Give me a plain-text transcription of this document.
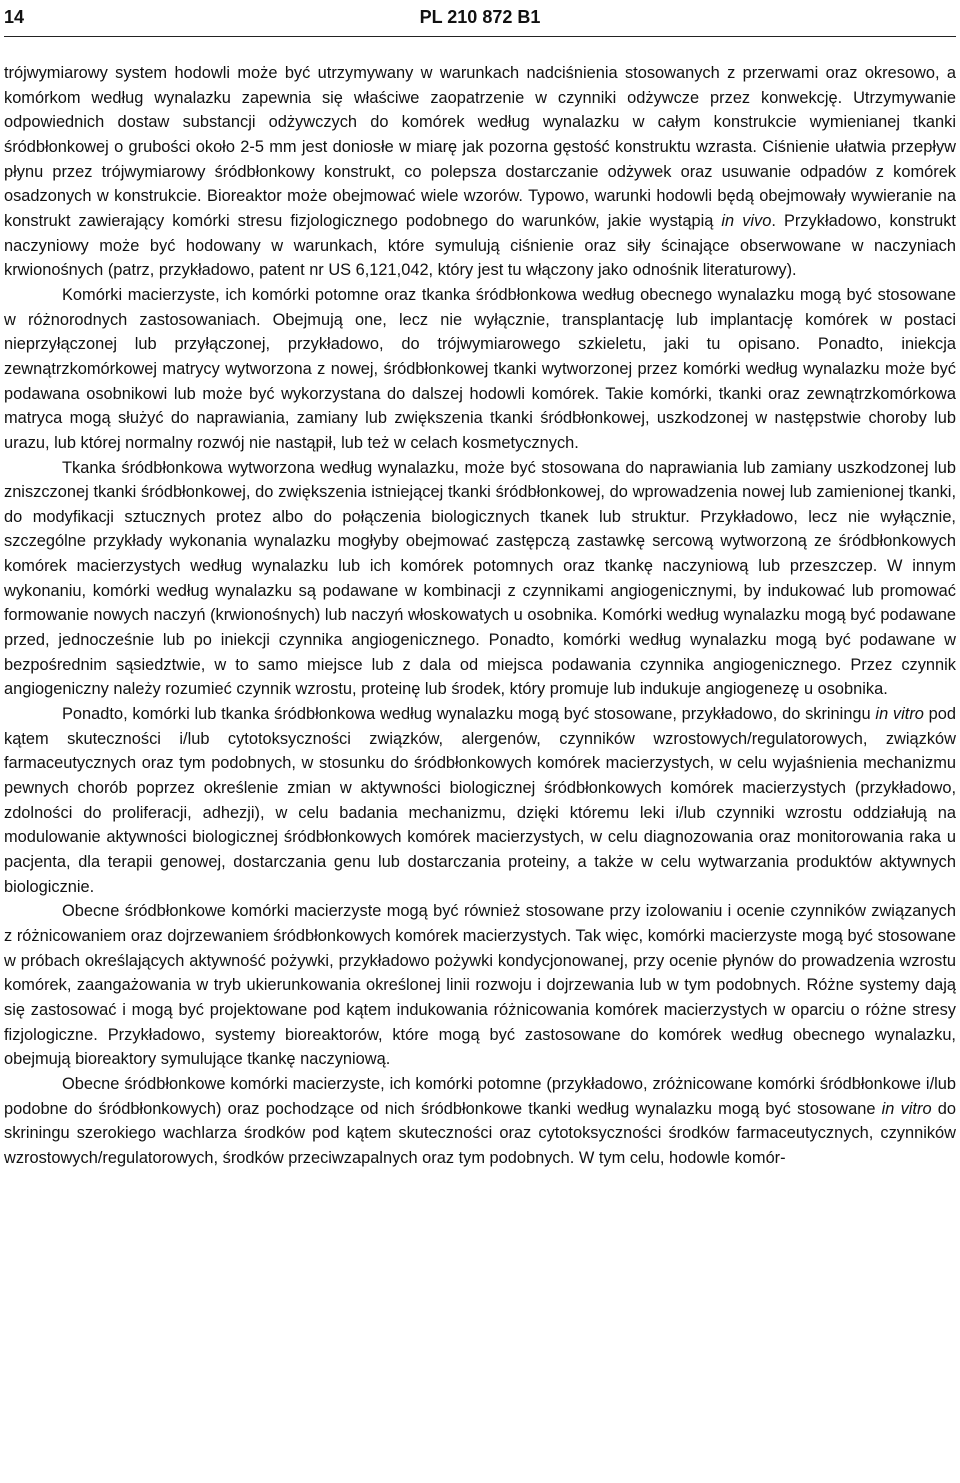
14	PL 210 872 B1

trójwymiarowy system hodowli może być utrzymywany w warunkach nadciśnienia stosowanych z przerwami oraz okresowo, a komórkom według wynalazku zapewnia się właściwe zaopatrzenie w czynniki odżywcze przez konwekcję. Utrzymywanie odpowiednich dostaw substancji odżywczych do komórek według wynalazku w całym konstrukcie wymienianej tkanki śródbłonkowej o grubości około 2-5 mm jest doniosłe w miarę jak pozorna gęstość konstruktu wzrasta. Ciśnienie ułatwia przepływ płynu przez trójwymiarowy śródbłonkowy konstrukt, co polepsza dostarczanie odżywek oraz usuwanie odpadów z komórek osadzonych w konstrukcie. Bioreaktor może obejmować wiele wzorów. Typowo, warunki hodowli będą obejmowały wywieranie na konstrukt zawierający komórki stresu fizjologicznego podobnego do warunków, jakie wystąpią in vivo. Przykładowo, konstrukt naczyniowy może być hodowany w warunkach, które symulują ciśnienie oraz siły ścinające obserwowane w naczyniach krwionośnych (patrz, przykładowo, patent nr US 6,121,042, który jest tu włączony jako odnośnik literaturowy).

Komórki macierzyste, ich komórki potomne oraz tkanka śródbłonkowa według obecnego wynalazku mogą być stosowane w różnorodnych zastosowaniach. Obejmują one, lecz nie wyłącznie, transplantację lub implantację komórek w postaci nieprzyłączonej lub przyłączonej, przykładowo, do trójwymiarowego szkieletu, jaki tu opisano. Ponadto, iniekcja zewnątrzkomórkowej matrycy wytworzona z nowej, śródbłonkowej tkanki wytworzonej przez komórki według wynalazku może być podawana osobnikowi lub może być wykorzystana do dalszej hodowli komórek. Takie komórki, tkanki oraz zewnątrzkomórkowa matryca mogą służyć do naprawiania, zamiany lub zwiększenia tkanki śródbłonkowej, uszkodzonej w następstwie choroby lub urazu, lub której normalny rozwój nie nastąpił, lub też w celach kosmetycznych.

Tkanka śródbłonkowa wytworzona według wynalazku, może być stosowana do naprawiania lub zamiany uszkodzonej lub zniszczonej tkanki śródbłonkowej, do zwiększenia istniejącej tkanki śródbłonkowej, do wprowadzenia nowej lub zamienionej tkanki, do modyfikacji sztucznych protez albo do połączenia biologicznych tkanek lub struktur. Przykładowo, lecz nie wyłącznie, szczególne przykłady wykonania wynalazku mogłyby obejmować zastępczą zastawkę sercową wytworzoną ze śródbłonkowych komórek macierzystych według wynalazku lub ich komórek potomnych oraz tkankę naczyniową lub przeszczep. W innym wykonaniu, komórki według wynalazku są podawane w kombinacji z czynnikami angiogenicznymi, by indukować lub promować formowanie nowych naczyń (krwionośnych) lub naczyń włoskowatych u osobnika. Komórki według wynalazku mogą być podawane przed, jednocześnie lub po iniekcji czynnika angiogenicznego. Ponadto, komórki według wynalazku mogą być podawane w bezpośrednim sąsiedztwie, w to samo miejsce lub z dala od miejsca podawania czynnika angiogenicznego. Przez czynnik angiogeniczny należy rozumieć czynnik wzrostu, proteinę lub środek, który promuje lub indukuje angiogenezę u osobnika.

Ponadto, komórki lub tkanka śródbłonkowa według wynalazku mogą być stosowane, przykładowo, do skriningu in vitro pod kątem skuteczności i/lub cytotoksyczności związków, alergenów, czynników wzrostowych/regulatorowych, związków farmaceutycznych oraz tym podobnych, w stosunku do śródbłonkowych komórek macierzystych, w celu wyjaśnienia mechanizmu pewnych chorób poprzez określenie zmian w aktywności biologicznej śródbłonkowych komórek macierzystych (przykładowo, zdolności do proliferacji, adhezji), w celu badania mechanizmu, dzięki któremu leki i/lub czynniki wzrostu oddziałują na modulowanie aktywności biologicznej śródbłonkowych komórek macierzystych, w celu diagnozowania oraz monitorowania raka u pacjenta, dla terapii genowej, dostarczania genu lub dostarczania proteiny, a także w celu wytwarzania produktów aktywnych biologicznie.

Obecne śródbłonkowe komórki macierzyste mogą być również stosowane przy izolowaniu i ocenie czynników związanych z różnicowaniem oraz dojrzewaniem śródbłonkowych komórek macierzystych. Tak więc, komórki macierzyste mogą być stosowane w próbach określających aktywność pożywki, przykładowo pożywki kondycjonowanej, przy ocenie płynów do prowadzenia wzrostu komórek, zaangażowania w tryb ukierunkowania określonej linii rozwoju i dojrzewania lub w tym podobnych. Różne systemy dają się zastosować i mogą być projektowane pod kątem indukowania różnicowania komórek macierzystych w oparciu o różne stresy fizjologiczne. Przykładowo, systemy bioreaktorów, które mogą być zastosowane do komórek według obecnego wynalazku, obejmują bioreaktory symulujące tkankę naczyniową.

Obecne śródbłonkowe komórki macierzyste, ich komórki potomne (przykładowo, zróżnicowane komórki śródbłonkowe i/lub podobne do śródbłonkowych) oraz pochodzące od nich śródbłonkowe tkanki według wynalazku mogą być stosowane in vitro do skriningu szerokiego wachlarza środków pod kątem skuteczności oraz cytotoksyczności środków farmaceutycznych, czynników wzrostowych/regulatorowych, środków przeciwzapalnych oraz tym podobnych. W tym celu, hodowle komór-
